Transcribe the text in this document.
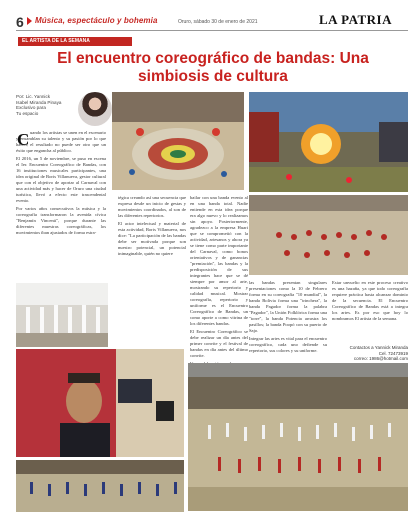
6 Música, espectáculo y bohemia	Oruro, sábado 30 de enero de 2021	LA PATRIA
EL ARTISTA DE LA SEMANA
El encuentro coreográfico de bandas: Una simbiosis de cultura
Por: Lic. Yannick
Isabel Miranda Pinaya
Exclusivo para
Tu espacio
C uando los artistas se unen en el escenario y ensamblan su talento y su pasión por lo que hacen, el resultado no puede ser otro que un éxito que engancha al público.

El 2016, un 5 de noviembre, se puso en escena el Ier. Encuentro Coreográfico de Bandas, con 16 instituciones musicales participantes, una idea original de Boris Villanueva, gestor cultural que con el objetivo de aportar al Carnaval con una actividad más y hacer de Oruro una ciudad turística, llevó a efecto este trascendental evento.

Por varios años consecutivos la música y la coreografía transformaron la avenida cívica "Benjamín Vincenti", porque durante las diferentes muestras coreográficas, los movimientos iban ajustados de forma estra-

tégica creando así una secuencia que expresa desde un inicio de gestas y movimientos coordinados, al son de las diferentes repertorios.

El actor intelectual y material de esta actividad, Boris Villanueva, nos dice: "La participación de las bandas debe ser motivada porque son nuestro potencial, un potencial inimaginable, quién no quiere

bailar con una banda evento al en una banda total. Nadie entiende en esta idea porque era algo nuevo y lo realizamos sin apoyo. Posteriormente, agradezco a la empresa Huari que se comprometió con la actividad, artesanos y ahora ya se tiene como parte importante del Carnaval, como bonos orientativos y de ganancias "premiación", las bandas y la predisposición de sus integrantes hace que se dé siempre por amor al arte, mostrando su repertorio y calidad musical. Mostrar coreografía, repertorio y uniforme es el Encuentro Coreográfico de Bandas, un como aporte a como vitrina de los diferentes bandas.

El Encuentro Coreográfico se debe realizar un día antes del primer convite y el festival de bandas en día antes del último convite.

las bandas presentan singulares presentaciones como la 10 de Febrero forma en su coreografía "10 mundial", la banda Bolivia forma una "trinchera", la banda Pagador forma la palabra "Pagador", la Unión Folklórica forma una "torre", la banda Potencia arrastra los pasillos; la banda Poopó con su puerto de Sajo.

Integrar las artes es vital para el encuentro coreográfico, cada uno defiende su repertorio, sus colores y su uniforme.

Estar unvuelto en este proceso creativo es una hazaña, ya que todo coreografía requiere práctica hasta alcanzar dominio de la secuencia. El Encuentro Coreográfico de Bandas está a integra los artes. Es por eso que hoy lo nombramos El artista de la semana.

Contactos a Yannick Miranda
Cel. 72473919
correo: 1986@hotmail.com
